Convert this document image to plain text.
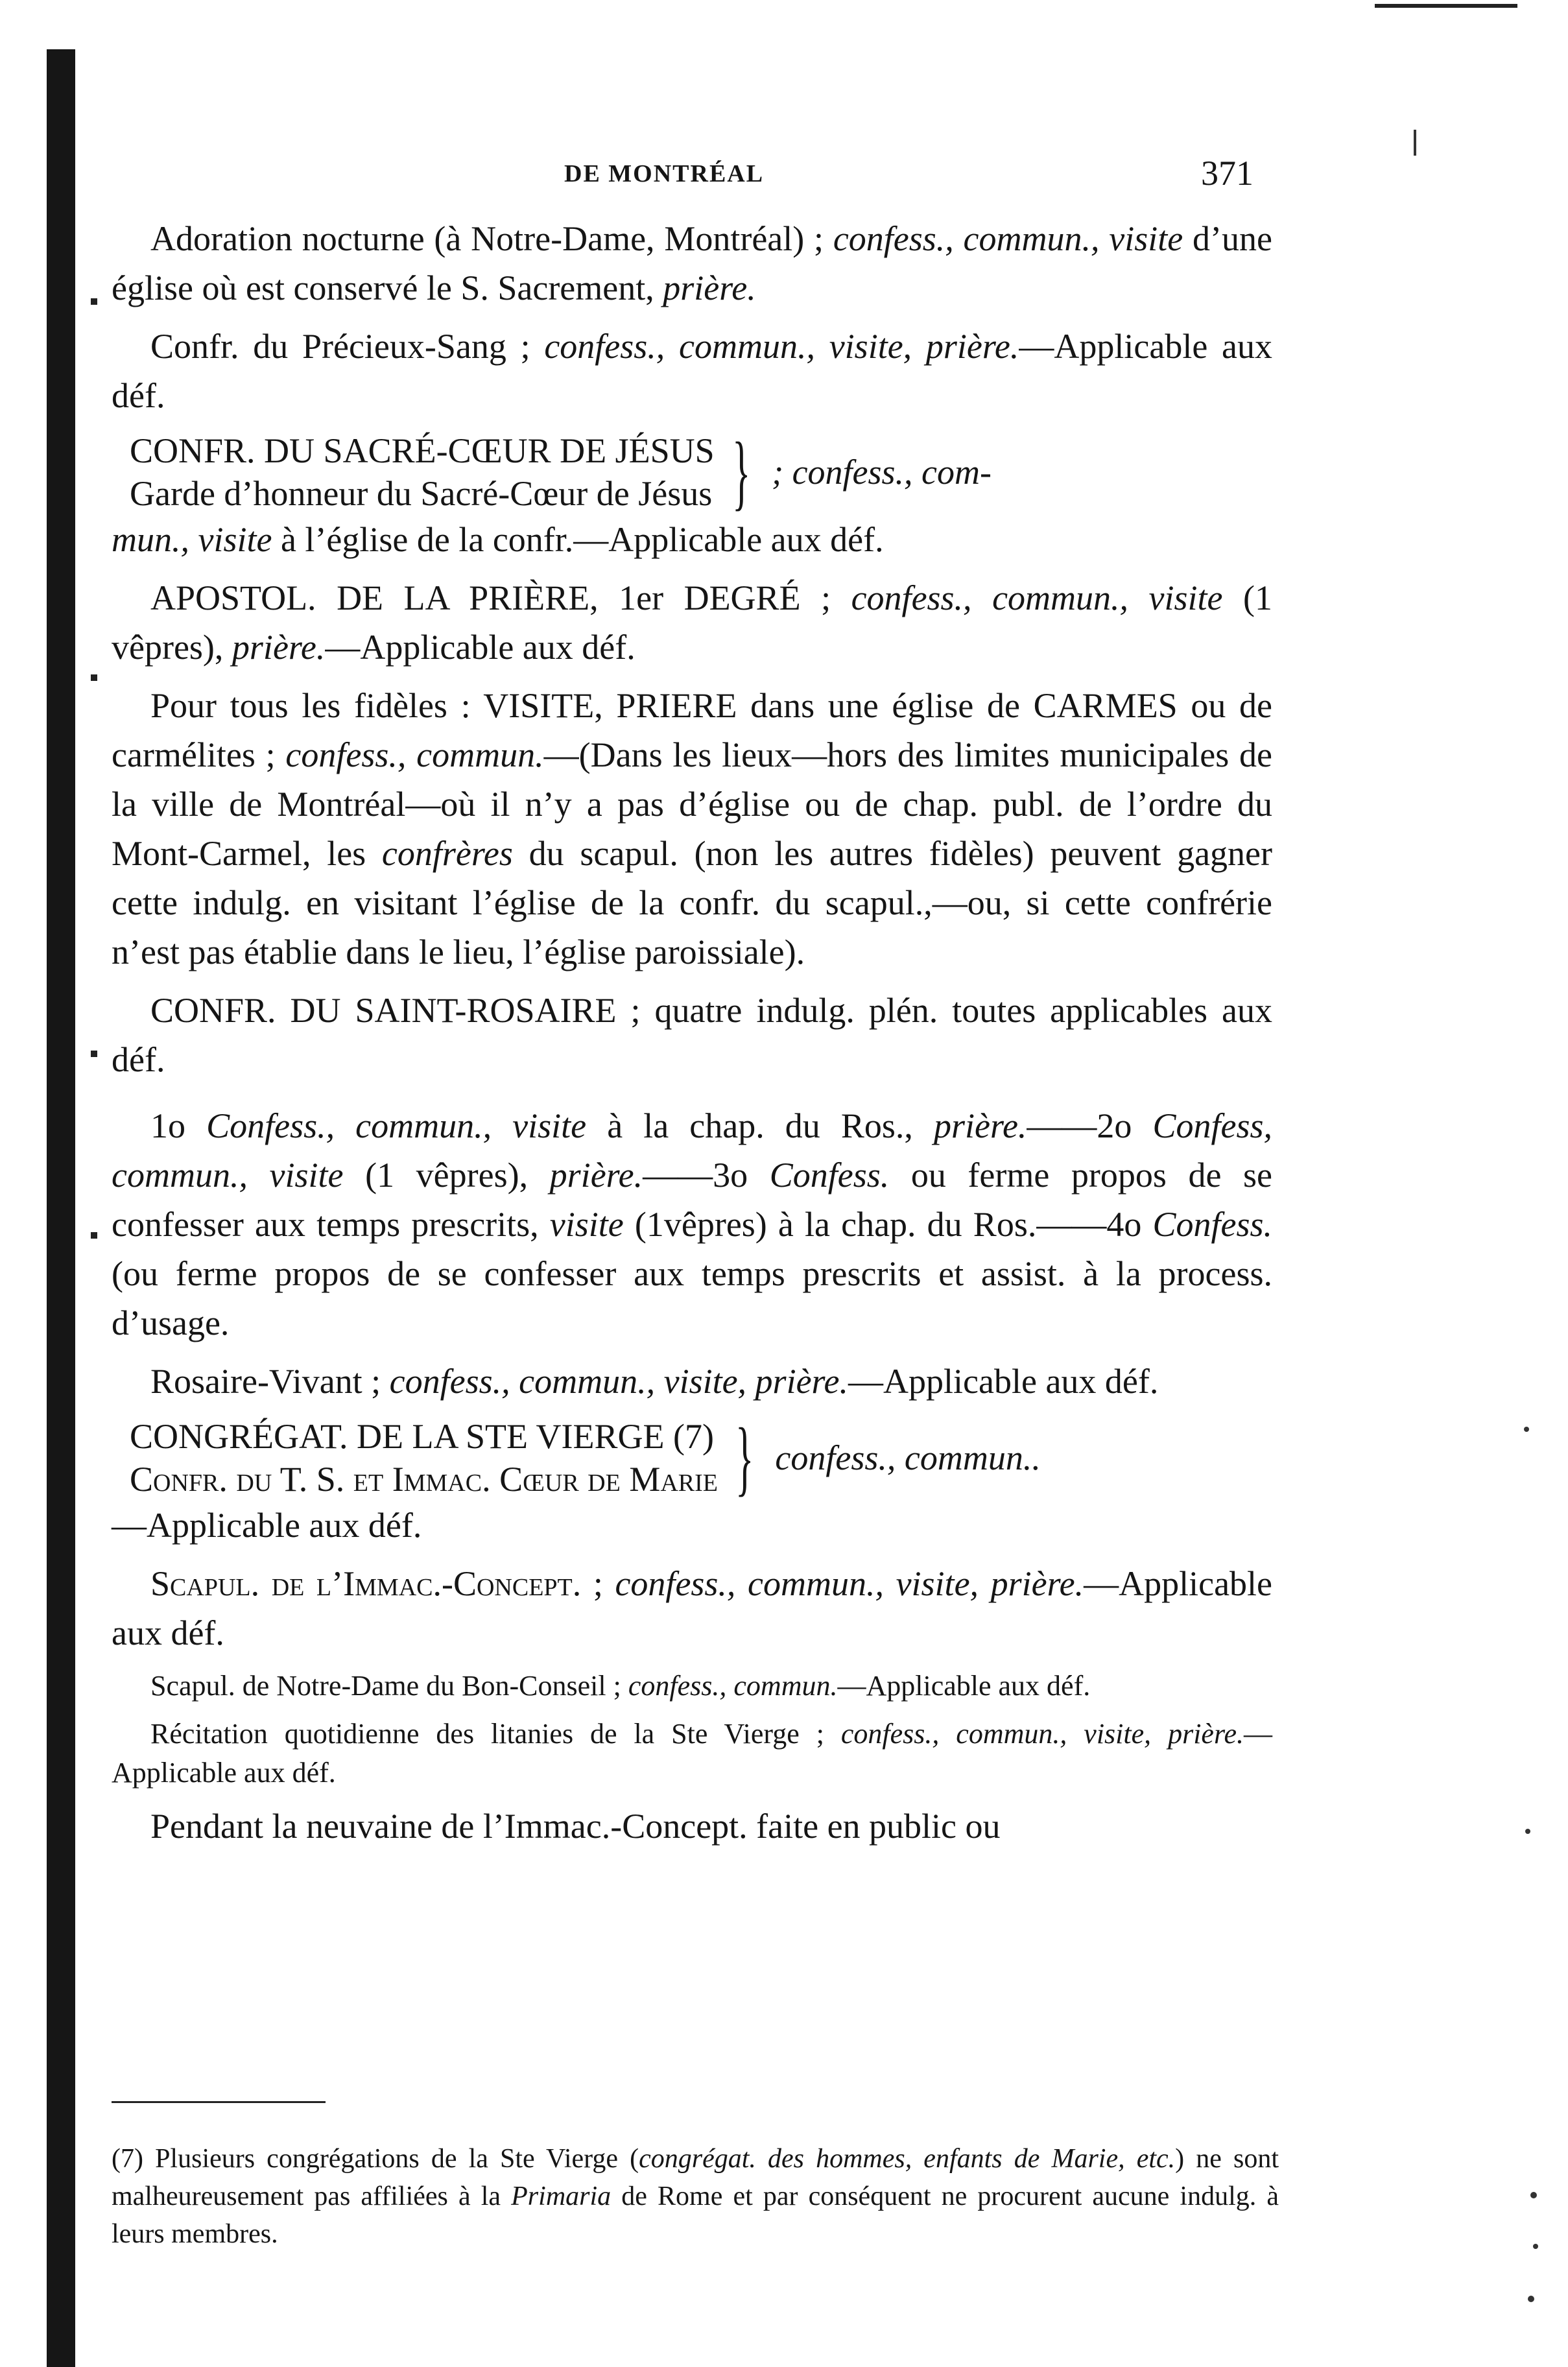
DE MONTRÉAL	371

Adoration nocturne (à Notre-Dame, Montréal) ; confess., commun., visite d’une église où est conservé le S. Sacrement, prière.

Confr. du Précieux-Sang ; confess., commun., visite, prière.—Applicable aux déf.

CONFR. DU SACRÉ-CŒUR DE JÉSUS
Garde d’honneur du Sacré-Cœur de Jésus } ; confess., com-

mun., visite à l’église de la confr.—Applicable aux déf.

APOSTOL. DE LA PRIÈRE, 1er DEGRÉ ; confess., commun., visite (1 vêpres), prière.—Applicable aux déf.

Pour tous les fidèles : VISITE, PRIERE dans une église de CARMES ou de carmélites ; confess., commun.—(Dans les lieux—hors des limites municipales de la ville de Montréal—où il n’y a pas d’église ou de chap. publ. de l’ordre du Mont-Carmel, les confrères du scapul. (non les autres fidèles) peuvent gagner cette indulg. en visitant l’église de la confr. du scapul.,—ou, si cette confrérie n’est pas établie dans le lieu, l’église paroissiale).

CONFR. DU SAINT-ROSAIRE ; quatre indulg. plén. toutes applicables aux déf.

1o Confess., commun., visite à la chap. du Ros., prière.——2o Confess, commun., visite (1 vêpres), prière.——3o Confess. ou ferme propos de se confesser aux temps prescrits, visite (1vêpres) à la chap. du Ros.——4o Confess. (ou ferme propos de se confesser aux temps prescrits et assist. à la process. d’usage.

Rosaire-Vivant ; confess., commun., visite, prière.—Applicable aux déf.

CONGRÉGAT. DE LA STE VIERGE (7)
Confr. du T. S. et Immac. Cœur de Marie } confess., commun..

—Applicable aux déf.

Scapul. de l’Immac.-Concept. ; confess., commun., visite, prière.—Applicable aux déf.

Scapul. de Notre-Dame du Bon-Conseil ; confess., commun.—Applicable aux déf.

Récitation quotidienne des litanies de la Ste Vierge ; confess., commun., visite, prière.—Applicable aux déf.

Pendant la neuvaine de l’Immac.-Concept. faite en public ou

(7) Plusieurs congrégations de la Ste Vierge (congrégat. des hommes, enfants de Marie, etc.) ne sont malheureusement pas affiliées à la Primaria de Rome et par conséquent ne procurent aucune indulg. à leurs membres.
